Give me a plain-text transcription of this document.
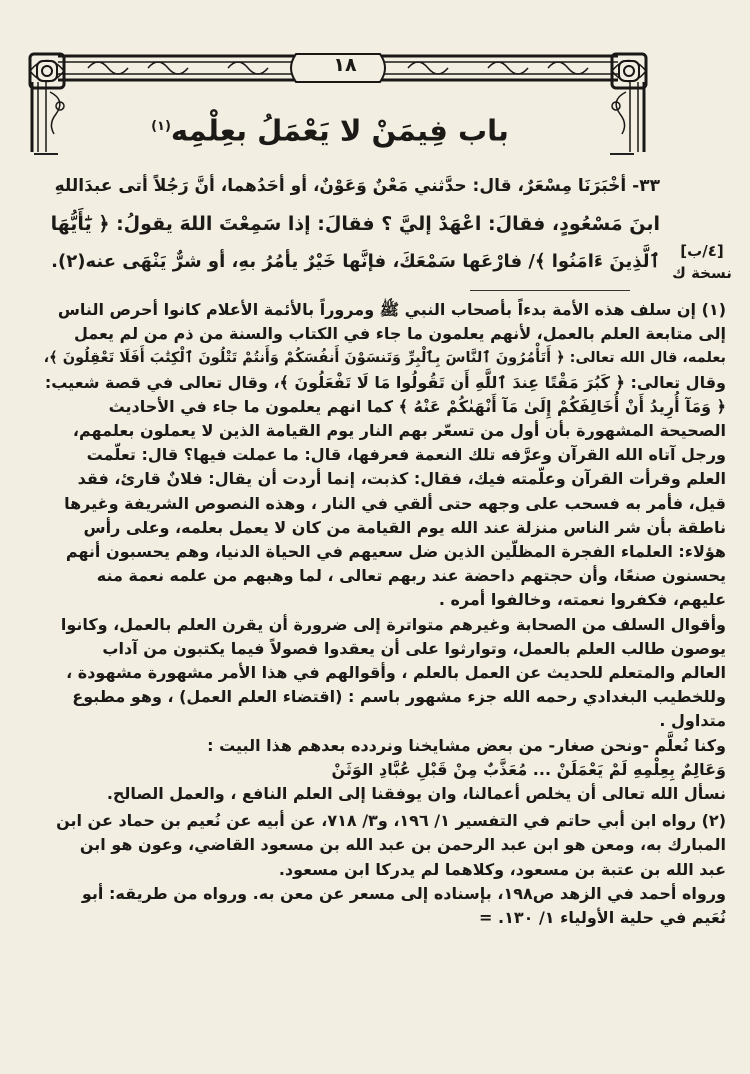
١٨
باب فِيمَنْ لا يَعْمَلُ بعِلْمِه$^{(١)}$

٣٣- أخْبَرَنَا مِسْعَرٌ، قال: حدَّثني مَعْنٌ وَعَوْنٌ، أو أحَدُهما، أنَّ رَجُلاً أتى عبدَاللهِ

ابنَ مَسْعُودٍ، فقالَ: اعْهَدْ إليَّ ؟ فقالَ: إذا سَمِعْتَ اللهَ يقولُ: ﴿ يَٰٓأَيُّهَا

ٱلَّذِينَ ءَامَنُوا ﴾/ فارْعَها سَمْعَكَ، فإنَّها خَيْرٌ يأمُرُ بهِ، أو شرٌّ يَنْهَى عنه(٢).

[٤/ب]
نسخة ك
(١) إن سلف هذه الأمة بدءاً بأصحاب النبي ﷺ ومروراً بالأئمة الأعلام كانوا أحرص الناس
إلى متابعة العلم بالعمل، لأنهم يعلمون ما جاء في الكتاب والسنة من ذم من لم يعمل
بعلمه، قال الله تعالى: ﴿ أَتَأْمُرُونَ ٱلنَّاسَ بِٱلْبِرِّ وَتَنسَوْنَ أَنفُسَكُمْ وَأَنتُمْ تَتْلُونَ ٱلْكِتَٰبَ أَفَلَا تَعْقِلُونَ ﴾،
وقال تعالى: ﴿ كَبُرَ مَقْتًا عِندَ ٱللَّهِ أَن تَقُولُوا مَا لَا تَفْعَلُونَ ﴾، وقال تعالى في قصة شعيب:
﴿ وَمَآ أُرِيدُ أَنْ أُخَالِفَكُمْ إِلَىٰ مَآ أَنْهَىٰكُمْ عَنْهُ ﴾ كما انهم يعلمون ما جاء في الأحاديث
الصحيحة المشهورة بأن أول من تسعّر بهم النار يوم القيامة الذين لا يعملون بعلمهم،
ورجل آتاه الله القرآن وعرَّفه تلك النعمة فعرفها، قال: ما عملت فيها؟ قال: تعلّمت
العلم وقرأت القرآن وعلّمته فيك، فقال: كذبت، إنما أردت أن يقال: فلانٌ قارئ، فقد
قيل، فأمر به فسحب على وجهه حتى ألقي في النار ، وهذه النصوص الشريفة وغيرها
ناطقة بأن شر الناس منزلة عند الله يوم القيامة من كان لا يعمل بعلمه، وعلى رأس
هؤلاء: العلماء الفجرة المظلّين الذين ضل سعيهم في الحياة الدنيا، وهم يحسبون أنهم
يحسنون صنعًا، وأن حجتهم داحضة عند ربهم تعالى ، لما وهبهم من علمه نعمة منه
عليهم، فكفروا نعمته، وخالفوا أمره .
وأقوال السلف من الصحابة وغيرهم متواترة إلى ضرورة أن يقرن العلم بالعمل، وكانوا
يوصون طالب العلم بالعمل، وتوارثوا على أن يعقدوا فصولاً فيما يكتبون من آداب
العالم والمتعلم للحديث عن العمل بالعلم ، وأقوالهم في هذا الأمر مشهورة مشهودة ،
وللخطيب البغدادي رحمه الله جزء مشهور باسم : (اقتضاء العلم العمل) ، وهو مطبوع
متداول .
وكنا نُعلَّم -ونحن صغار- من بعض مشايخنا ونردده بعدهم هذا البيت :
وَعَالِمٌ بِعِلْمِهِ لَمْ يَعْمَلَنْ ... مُعَذَّبٌ مِنْ قَبْلِ عُبَّادِ الوَثَنْ
نسأل الله تعالى أن يخلص أعمالنا، وان يوفقنا إلى العلم النافع ، والعمل الصالح.
(٢) رواه ابن أبي حاتم في التفسير ١/ ١٩٦، و٣/ ٧١٨، عن أبيه عن نُعيم بن حماد عن ابن
المبارك به، ومعن هو ابن عبد الرحمن بن عبد الله بن مسعود القاضي، وعون هو ابن
عبد الله بن عتبة بن مسعود، وكلاهما لم يدركا ابن مسعود.
ورواه أحمد في الزهد ص١٩٨، بإسناده إلى مسعر عن معن به. ورواه من طريقه: أبو
نُعَيم في حلية الأولياء ١/ ١٣٠. =
